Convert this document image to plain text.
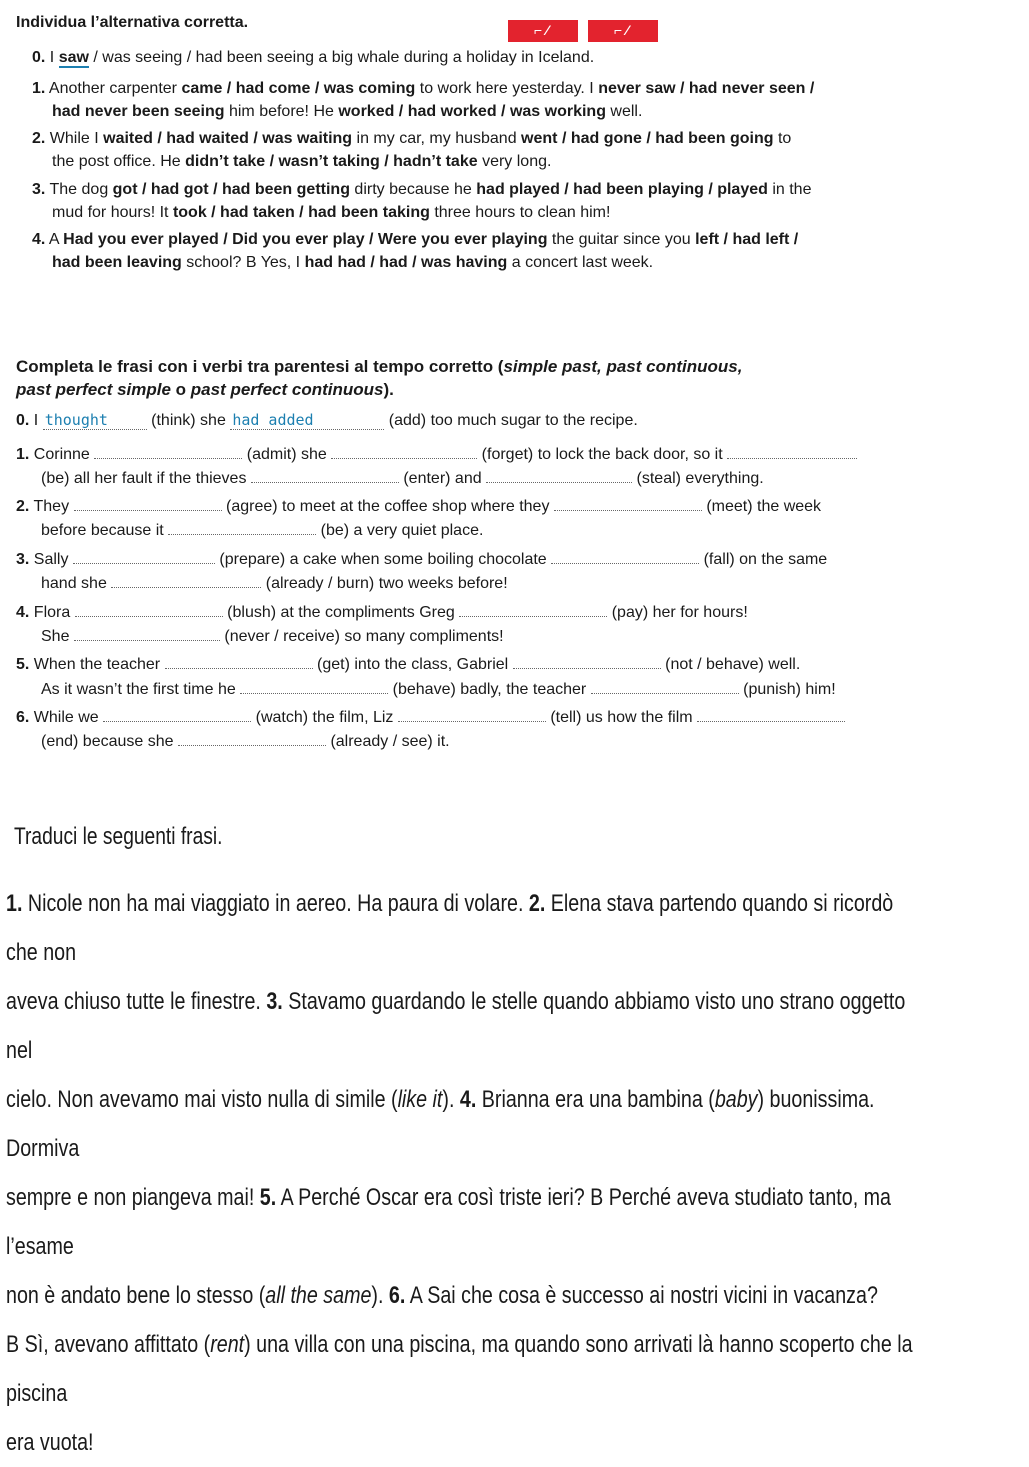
Individua l’alternativa corretta.	⌐ ⁄	⌐ ⁄
0. I saw / was seeing / had been seeing a big whale during a holiday in Iceland.
1. Another carpenter came / had come / was coming to work here yesterday. I never saw / had never seen /
had never been seeing him before! He worked / had worked / was working well.
2. While I waited / had waited / was waiting in my car, my husband went / had gone / had been going to
the post office. He didn’t take / wasn’t taking / hadn’t take very long.
3. The dog got / had got / had been getting dirty because he had played / had been playing / played in the
mud for hours! It took / had taken / had been taking three hours to clean him!
4. A Had you ever played / Did you ever play / Were you ever playing the guitar since you left / had left /
had been leaving school? B Yes, I had had / had / was having a concert last week.
Completa le frasi con i verbi tra parentesi al tempo corretto (simple past, past continuous,
past perfect simple o past perfect continuous).
0. I thought	(think) she had added	(add) too much sugar to the recipe.
1. Corinne	(admit) she	(forget) to lock the back door, so it
(be) all her fault if the thieves	(enter) and	(steal) everything.
2. They	(agree) to meet at the coffee shop where they	(meet) the week
before because it	(be) a very quiet place.
3. Sally	(prepare) a cake when some boiling chocolate	(fall) on the same
hand she	(already / burn) two weeks before!
4. Flora	(blush) at the compliments Greg	(pay) her for hours!
She	(never / receive) so many compliments!
5. When the teacher	(get) into the class, Gabriel	(not / behave) well.
As it wasn’t the first time he	(behave) badly, the teacher	(punish) him!
6. While we	(watch) the film, Liz	(tell) us how the film
(end) because she	(already / see) it.
Traduci le seguenti frasi.
1. Nicole non ha mai viaggiato in aereo. Ha paura di volare. 2. Elena stava partendo quando si ricordò che non
aveva chiuso tutte le finestre. 3. Stavamo guardando le stelle quando abbiamo visto uno strano oggetto nel
cielo. Non avevamo mai visto nulla di simile (like it). 4. Brianna era una bambina (baby) buonissima. Dormiva
sempre e non piangeva mai! 5. A Perché Oscar era così triste ieri? B Perché aveva studiato tanto, ma l’esame
non è andato bene lo stesso (all the same). 6. A Sai che cosa è successo ai nostri vicini in vacanza?
B Sì, avevano affittato (rent) una villa con una piscina, ma quando sono arrivati là hanno scoperto che la piscina
era vuota!
